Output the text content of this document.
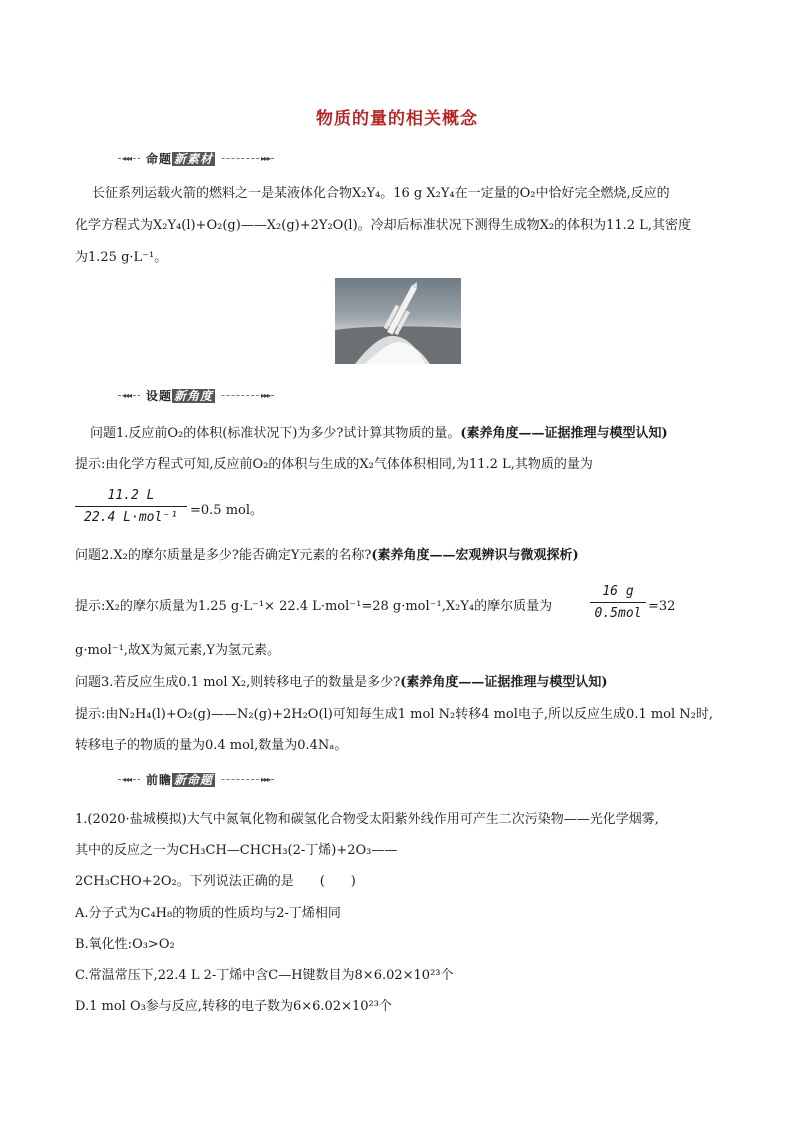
物质的量的相关概念
◂◂◂	命题 新素材	▸▸▸
长征系列运载火箭的燃料之一是某液体化合物X₂Y₄。16 g X₂Y₄在一定量的O₂中恰好完全燃烧,反应的
化学方程式为X₂Y₄(l)+O₂(g)——X₂(g)+2Y₂O(l)。冷却后标准状况下测得生成物X₂的体积为11.2 L,其密度
为1.25 g·L⁻¹。
◂◂◂	设题 新角度	▸▸▸
问题1.反应前O₂的体积(标准状况下)为多少?试计算其物质的量。(素养角度——证据推理与模型认知)
提示:由化学方程式可知,反应前O₂的体积与生成的X₂气体体积相同,为11.2 L,其物质的量为
11.2 L
22.4 L·mol⁻¹ =0.5 mol。
问题2.X₂的摩尔质量是多少?能否确定Y元素的名称?(素养角度——宏观辨识与微观探析)
提示:X₂的摩尔质量为1.25 g·L⁻¹× 22.4 L·mol⁻¹=28 g·mol⁻¹,X₂Y₄的摩尔质量为
16 g
0.5mol =32
g·mol⁻¹,故X为氮元素,Y为氢元素。
问题3.若反应生成0.1 mol X₂,则转移电子的数量是多少?(素养角度——证据推理与模型认知)
提示:由N₂H₄(l)+O₂(g)——N₂(g)+2H₂O(l)可知每生成1 mol N₂转移4 mol电子,所以反应生成0.1 mol N₂时,
转移电子的物质的量为0.4 mol,数量为0.4Nₐ。
◂◂◂	前瞻 新命题	▸▸▸
1.(2020·盐城模拟)大气中氮氧化物和碳氢化合物受太阳紫外线作用可产生二次污染物——光化学烟雾,
其中的反应之一为CH₃CH—CHCH₃(2-丁烯)+2O₃——
2CH₃CHO+2O₂。下列说法正确的是　　(　　)
A.分子式为C₄H₈的物质的性质均与2-丁烯相同
B.氧化性:O₃>O₂
C.常温常压下,22.4 L 2-丁烯中含C—H键数目为8×6.02×10²³个
D.1 mol O₃参与反应,转移的电子数为6×6.02×10²³个
